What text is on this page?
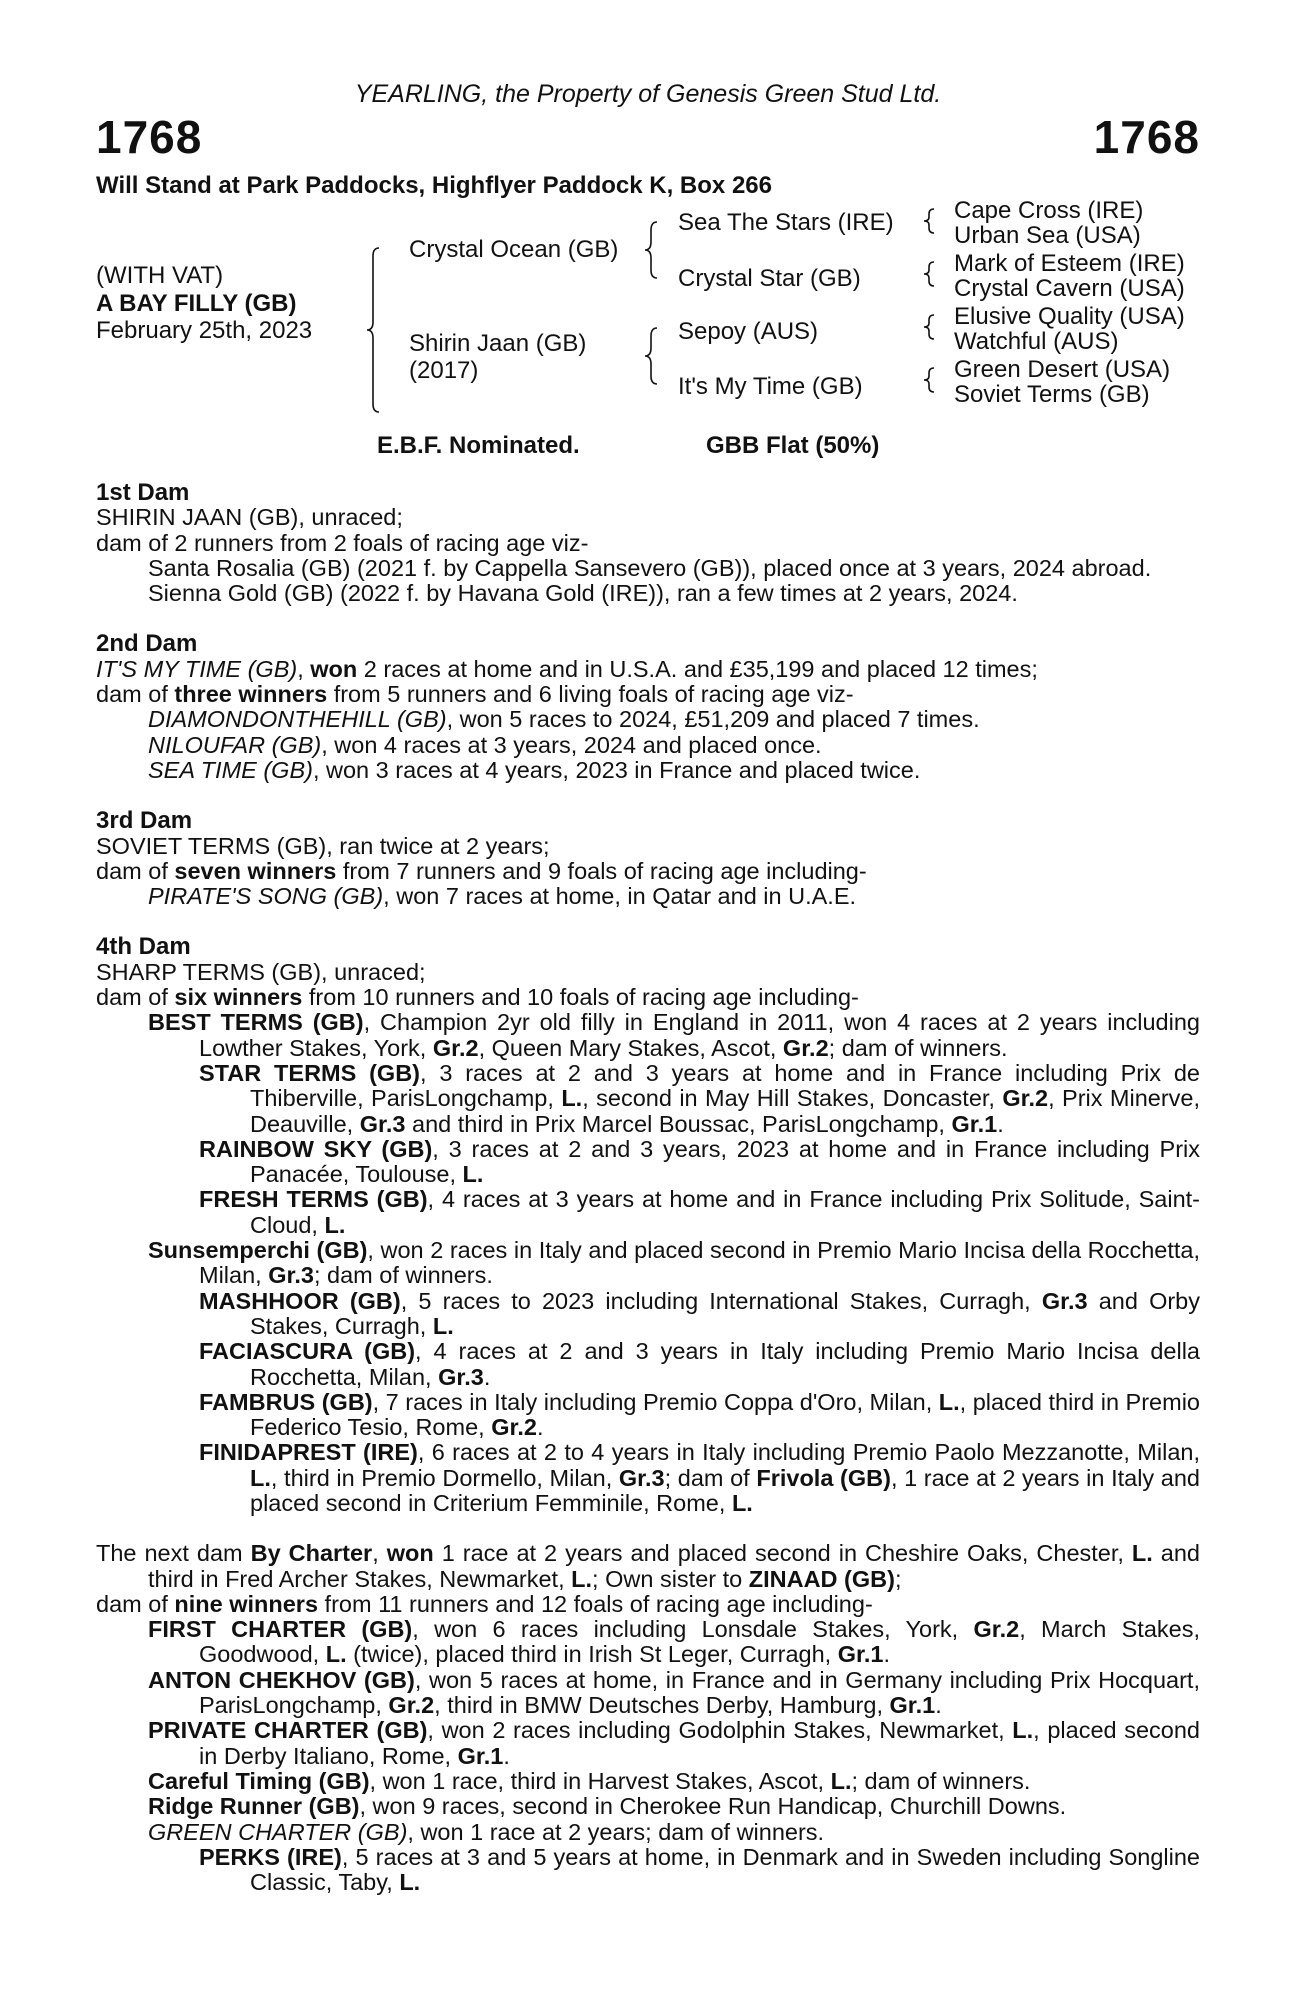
YEARLING, the Property of Genesis Green Stud Ltd.
1768	1768
Will Stand at Park Paddocks, Highflyer Paddock K, Box 266
(WITH VAT)
A BAY FILLY (GB)
February 25th, 2023
Crystal Ocean (GB)
Shirin Jaan (GB)
(2017)
Sea The Stars (IRE)
Crystal Star (GB)
Sepoy (AUS)
It's My Time (GB)
Cape Cross (IRE)
Urban Sea (USA)
Mark of Esteem (IRE)
Crystal Cavern (USA)
Elusive Quality (USA)
Watchful (AUS)
Green Desert (USA)
Soviet Terms (GB)
E.B.F. Nominated.	GBB Flat (50%)
1st Dam
SHIRIN JAAN (GB), unraced;
dam of 2 runners from 2 foals of racing age viz-
Santa Rosalia (GB) (2021 f. by Cappella Sansevero (GB)), placed once at 3 years, 2024 abroad.
Sienna Gold (GB) (2022 f. by Havana Gold (IRE)), ran a few times at 2 years, 2024.
2nd Dam
IT'S MY TIME (GB), won 2 races at home and in U.S.A. and £35,199 and placed 12 times;
dam of three winners from 5 runners and 6 living foals of racing age viz-
DIAMONDONTHEHILL (GB), won 5 races to 2024, £51,209 and placed 7 times.
NILOUFAR (GB), won 4 races at 3 years, 2024 and placed once.
SEA TIME (GB), won 3 races at 4 years, 2023 in France and placed twice.
3rd Dam
SOVIET TERMS (GB), ran twice at 2 years;
dam of seven winners from 7 runners and 9 foals of racing age including-
PIRATE'S SONG (GB), won 7 races at home, in Qatar and in U.A.E.
4th Dam
SHARP TERMS (GB), unraced;
dam of six winners from 10 runners and 10 foals of racing age including-
BEST TERMS (GB), Champion 2yr old filly in England in 2011, won 4 races at 2 years including Lowther Stakes, York, Gr.2, Queen Mary Stakes, Ascot, Gr.2; dam of winners.
STAR TERMS (GB), 3 races at 2 and 3 years at home and in France including Prix de Thiberville, ParisLongchamp, L., second in May Hill Stakes, Doncaster, Gr.2, Prix Minerve, Deauville, Gr.3 and third in Prix Marcel Boussac, ParisLongchamp, Gr.1.
RAINBOW SKY (GB), 3 races at 2 and 3 years, 2023 at home and in France including Prix Panacée, Toulouse, L.
FRESH TERMS (GB), 4 races at 3 years at home and in France including Prix Solitude, Saint-Cloud, L.
Sunsemperchi (GB), won 2 races in Italy and placed second in Premio Mario Incisa della Rocchetta, Milan, Gr.3; dam of winners.
MASHHOOR (GB), 5 races to 2023 including International Stakes, Curragh, Gr.3 and Orby Stakes, Curragh, L.
FACIASCURA (GB), 4 races at 2 and 3 years in Italy including Premio Mario Incisa della Rocchetta, Milan, Gr.3.
FAMBRUS (GB), 7 races in Italy including Premio Coppa d'Oro, Milan, L., placed third in Premio Federico Tesio, Rome, Gr.2.
FINIDAPREST (IRE), 6 races at 2 to 4 years in Italy including Premio Paolo Mezzanotte, Milan, L., third in Premio Dormello, Milan, Gr.3; dam of Frivola (GB), 1 race at 2 years in Italy and placed second in Criterium Femminile, Rome, L.
The next dam By Charter, won 1 race at 2 years and placed second in Cheshire Oaks, Chester, L. and third in Fred Archer Stakes, Newmarket, L.; Own sister to ZINAAD (GB);
dam of nine winners from 11 runners and 12 foals of racing age including-
FIRST CHARTER (GB), won 6 races including Lonsdale Stakes, York, Gr.2, March Stakes, Goodwood, L. (twice), placed third in Irish St Leger, Curragh, Gr.1.
ANTON CHEKHOV (GB), won 5 races at home, in France and in Germany including Prix Hocquart, ParisLongchamp, Gr.2, third in BMW Deutsches Derby, Hamburg, Gr.1.
PRIVATE CHARTER (GB), won 2 races including Godolphin Stakes, Newmarket, L., placed second in Derby Italiano, Rome, Gr.1.
Careful Timing (GB), won 1 race, third in Harvest Stakes, Ascot, L.; dam of winners.
Ridge Runner (GB), won 9 races, second in Cherokee Run Handicap, Churchill Downs.
GREEN CHARTER (GB), won 1 race at 2 years; dam of winners.
PERKS (IRE), 5 races at 3 and 5 years at home, in Denmark and in Sweden including Songline Classic, Taby, L.
